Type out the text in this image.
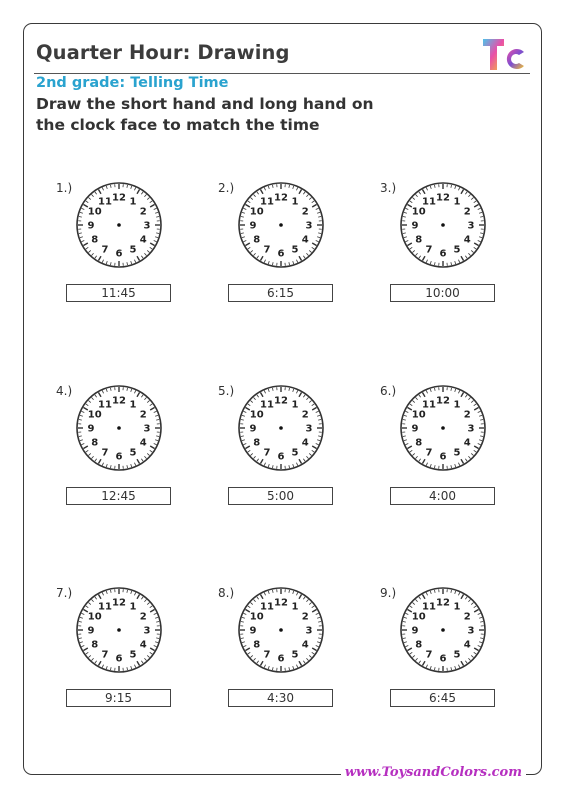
Quarter Hour: Drawing
2nd grade: Telling Time
Draw the short hand and long hand on the clock face to match the time
1.)
12 1
2
3
4
5
6
7
8
9
10
11
11:45
2.)
12 1
2
3
4
5
6
7
8
9
10
11
6:15
3.)
12 1
2
3
4
5
6
7
8
9
10
11
10:00
4.)
12 1
2
3
4
5
6
7
8
9
10
11
12:45
5.)
12 1
2
3
4
5
6
7
8
9
10
11
5:00
6.)
12 1
2
3
4
5
6
7
8
9
10
11
4:00
7.)
12 1
2
3
4
5
6
7
8
9
10
11
9:15
8.)
12 1
2
3
4
5
6
7
8
9
10
11
4:30
9.)
12 1
2
3
4
5
6
7
8
9
10
11
6:45
www.ToysandColors.com
